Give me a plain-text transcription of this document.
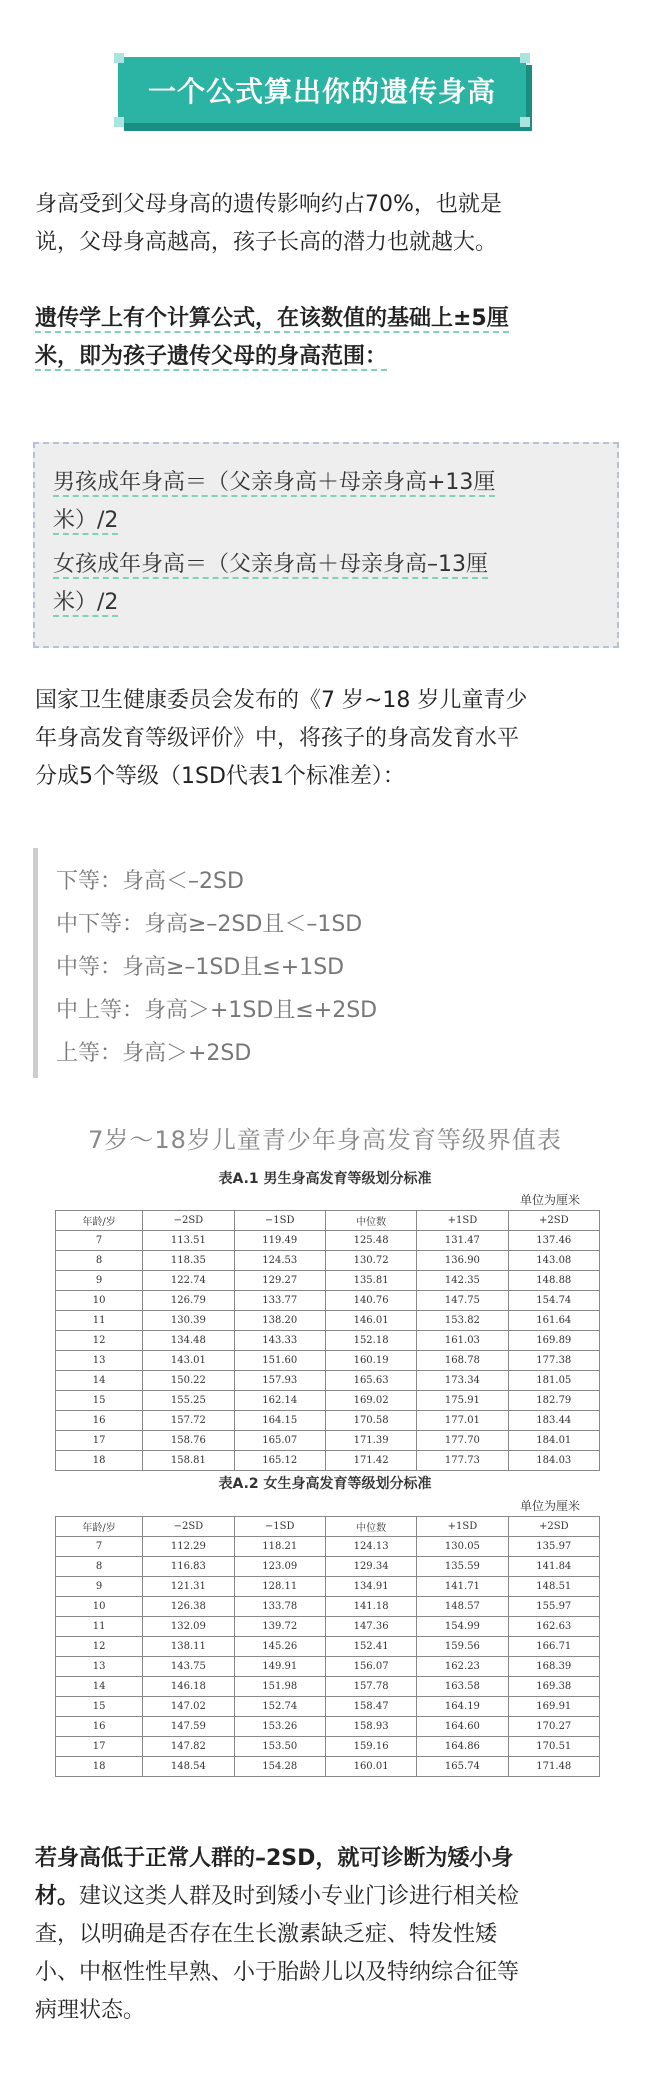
一个公式算出你的遗传身高
身高受到父母身高的遗传影响约占70%，也就是
说，父母身高越高，孩子长高的潜力也就越大。
遗传学上有个计算公式，在该数值的基础上±5厘
米，即为孩子遗传父母的身高范围：
男孩成年身高＝（父亲身高＋母亲身高+13厘
米）/2
女孩成年身高＝（父亲身高＋母亲身高–13厘
米）/2
国家卫生健康委员会发布的《7 岁~18 岁儿童青少
年身高发育等级评价》中，将孩子的身高发育水平
分成5个等级（1SD代表1个标准差）：
下等：身高＜–2SD
中下等：身高≥–2SD且＜–1SD
中等：身高≥–1SD且≤+1SD
中上等：身高＞+1SD且≤+2SD
上等：身高＞+2SD
7岁～18岁儿童青少年身高发育等级界值表
表A.1 男生身高发育等级划分标准
单位为厘米
年龄/岁	−2SD	−1SD	中位数	+1SD	+2SD
7	113.51	119.49	125.48	131.47	137.46
8	118.35	124.53	130.72	136.90	143.08
9	122.74	129.27	135.81	142.35	148.88
10	126.79	133.77	140.76	147.75	154.74
11	130.39	138.20	146.01	153.82	161.64
12	134.48	143.33	152.18	161.03	169.89
13	143.01	151.60	160.19	168.78	177.38
14	150.22	157.93	165.63	173.34	181.05
15	155.25	162.14	169.02	175.91	182.79
16	157.72	164.15	170.58	177.01	183.44
17	158.76	165.07	171.39	177.70	184.01
18	158.81	165.12	171.42	177.73	184.03
表A.2 女生身高发育等级划分标准
单位为厘米
年龄/岁	−2SD	−1SD	中位数	+1SD	+2SD
7	112.29	118.21	124.13	130.05	135.97
8	116.83	123.09	129.34	135.59	141.84
9	121.31	128.11	134.91	141.71	148.51
10	126.38	133.78	141.18	148.57	155.97
11	132.09	139.72	147.36	154.99	162.63
12	138.11	145.26	152.41	159.56	166.71
13	143.75	149.91	156.07	162.23	168.39
14	146.18	151.98	157.78	163.58	169.38
15	147.02	152.74	158.47	164.19	169.91
16	147.59	153.26	158.93	164.60	170.27
17	147.82	153.50	159.16	164.86	170.51
18	148.54	154.28	160.01	165.74	171.48
若身高低于正常人群的–2SD，就可诊断为矮小身
材。建议这类人群及时到矮小专业门诊进行相关检
查，以明确是否存在生长激素缺乏症、特发性矮
小、中枢性性早熟、小于胎龄儿以及特纳综合征等
病理状态。
